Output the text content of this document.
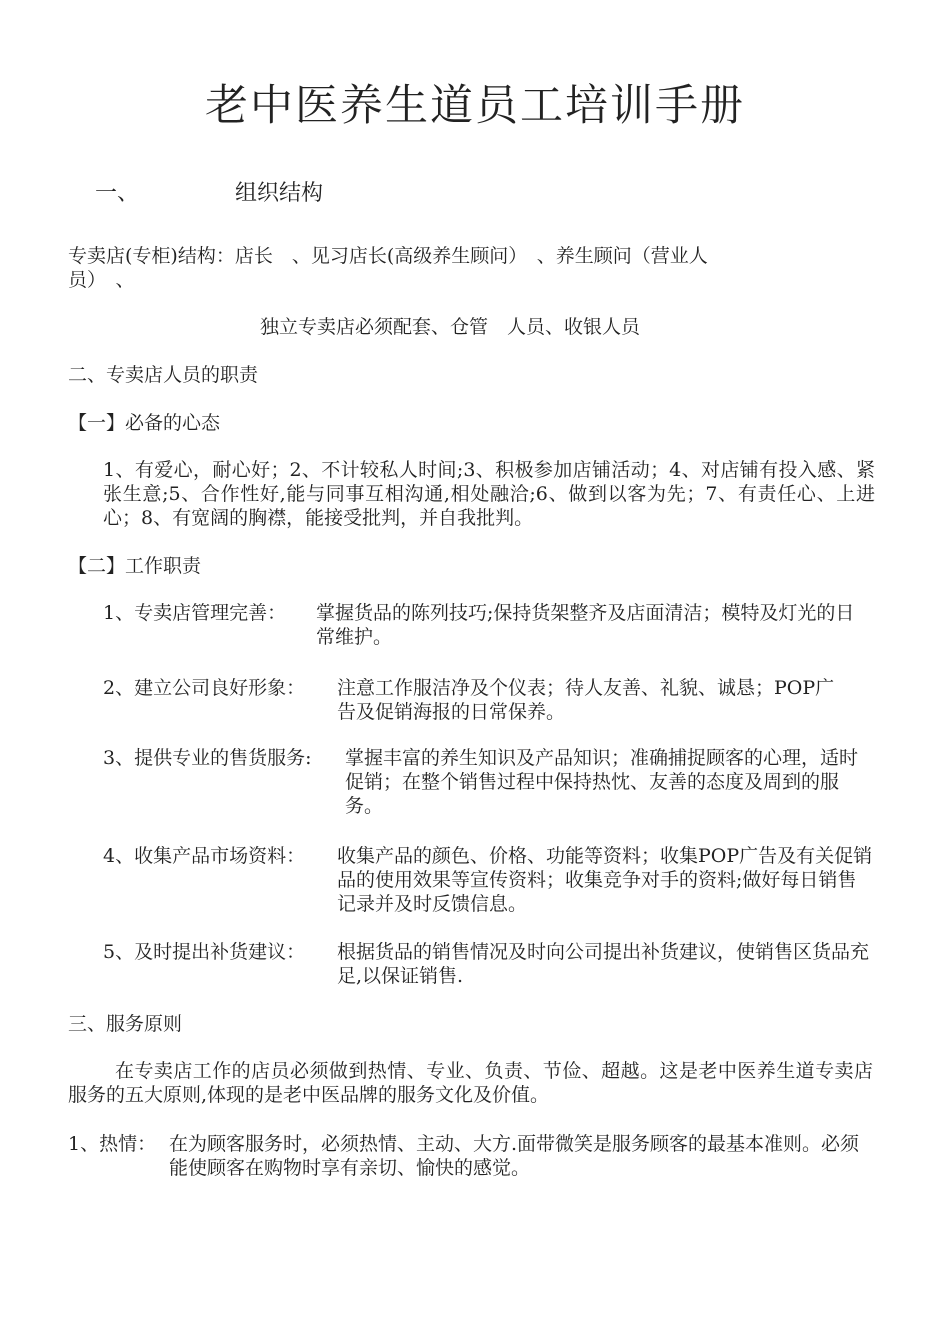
老中医养生道员工培训手册
一、	组织结构
专卖店(专柜)结构：店长　、见习店长(高级养生顾问）　、养生顾问（营业人
员）　、
独立专卖店必须配套、仓管　人员、收银人员
二、专卖店人员的职责
【一】必备的心态
1、有爱心，耐心好；2、不计较私人时间;3、积极参加店铺活动；4、对店铺有投入感、紧张生意;5、合作性好,能与同事互相沟通,相处融洽;6、做到以客为先；7、有责任心、上进心；8、有宽阔的胸襟，能接受批判，并自我批判。
【二】工作职责
1、专卖店管理完善： 掌握货品的陈列技巧;保持货架整齐及店面清洁；模特及灯光的日常维护。
2、建立公司良好形象： 注意工作服洁净及个仪表；待人友善、礼貌、诚恳；POP广告及促销海报的日常保养。
3、提供专业的售货服务: 掌握丰富的养生知识及产品知识；准确捕捉顾客的心理，适时促销；在整个销售过程中保持热忱、友善的态度及周到的服务。
4、收集产品市场资料： 收集产品的颜色、价格、功能等资料；收集POP广告及有关促销品的使用效果等宣传资料；收集竞争对手的资料;做好每日销售记录并及时反馈信息。
5、及时提出补货建议： 根据货品的销售情况及时向公司提出补货建议，使销售区货品充足,以保证销售.
三、服务原则
在专卖店工作的店员必须做到热情、专业、负责、节俭、超越。这是老中医养生道专卖店服务的五大原则,体现的是老中医品牌的服务文化及价值。
1、热情： 在为顾客服务时，必须热情、主动、大方.面带微笑是服务顾客的最基本准则。必须能使顾客在购物时享有亲切、愉快的感觉。
